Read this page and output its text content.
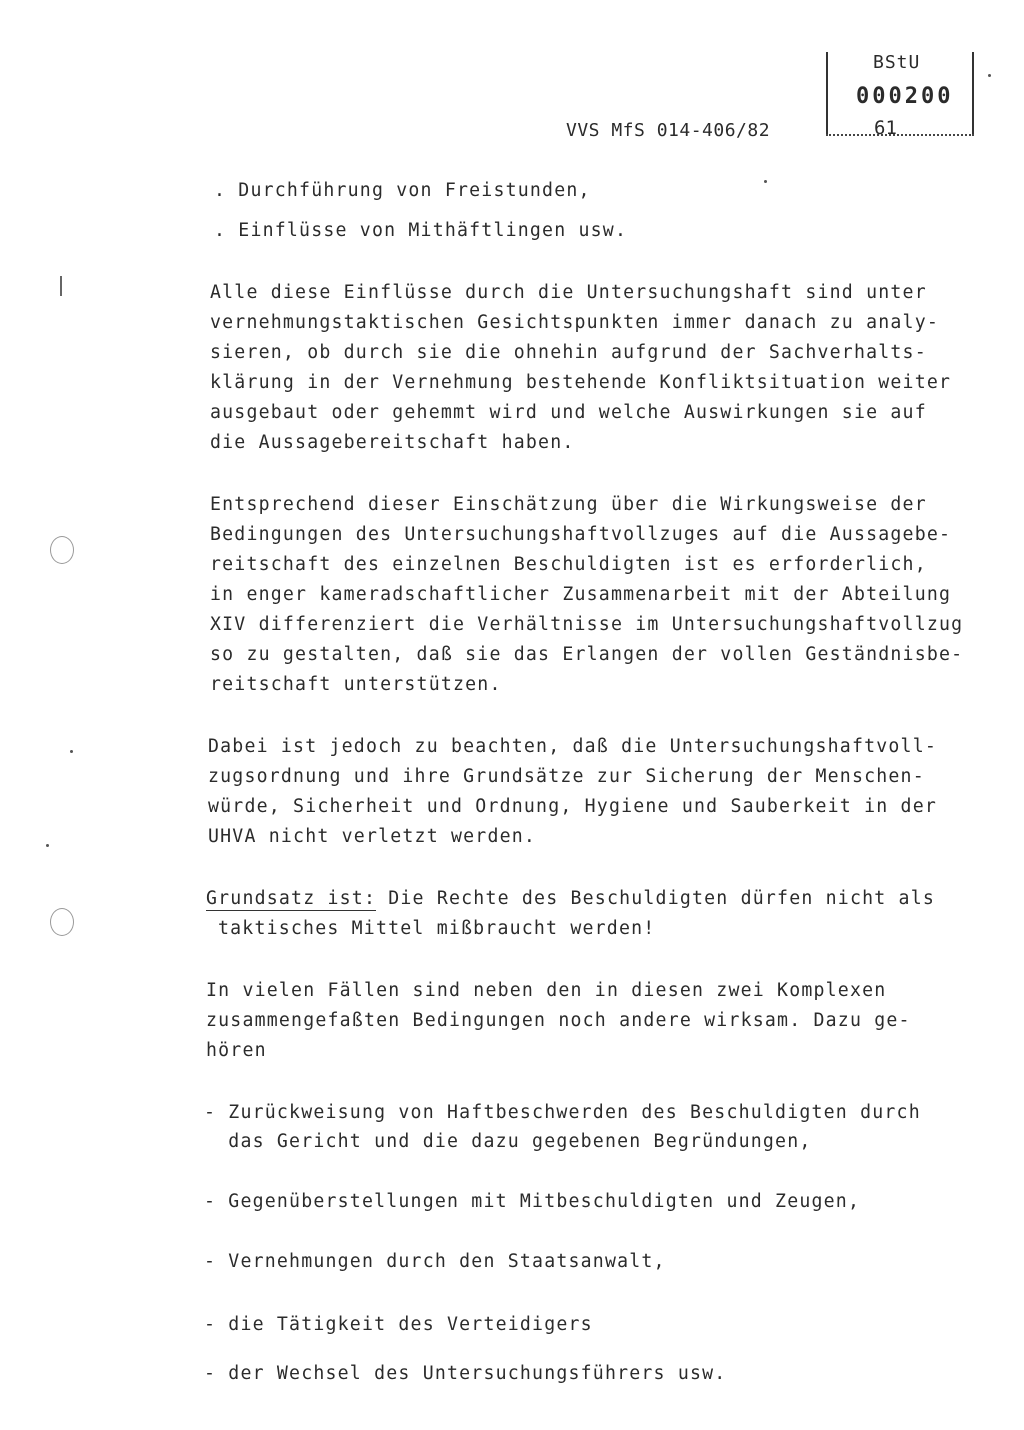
BStU
000200
61
VVS MfS 014-406/82
. Durchführung von Freistunden,
. Einflüsse von Mithäftlingen usw.
Alle diese Einflüsse durch die Untersuchungshaft sind unter
vernehmungstaktischen Gesichtspunkten immer danach zu analy-
sieren, ob durch sie die ohnehin aufgrund der Sachverhalts-
klärung in der Vernehmung bestehende Konfliktsituation weiter
ausgebaut oder gehemmt wird und welche Auswirkungen sie auf
die Aussagebereitschaft haben.
Entsprechend dieser Einschätzung über die Wirkungsweise der
Bedingungen des Untersuchungshaftvollzuges auf die Aussagebe-
reitschaft des einzelnen Beschuldigten ist es erforderlich,
in enger kameradschaftlicher Zusammenarbeit mit der Abteilung
XIV differenziert die Verhältnisse im Untersuchungshaftvollzug
so zu gestalten, daß sie das Erlangen der vollen Geständnisbe-
reitschaft unterstützen.
Dabei ist jedoch zu beachten, daß die Untersuchungshaftvoll-
zugsordnung und ihre Grundsätze zur Sicherung der Menschen-
würde, Sicherheit und Ordnung, Hygiene und Sauberkeit in der
UHVA nicht verletzt werden.
Grundsatz ist: Die Rechte des Beschuldigten dürfen nicht als
taktisches Mittel mißbraucht werden!
In vielen Fällen sind neben den in diesen zwei Komplexen
zusammengefaßten Bedingungen noch andere wirksam. Dazu ge-
hören
- Zurückweisung von Haftbeschwerden des Beschuldigten durch
das Gericht und die dazu gegebenen Begründungen,
- Gegenüberstellungen mit Mitbeschuldigten und Zeugen,
- Vernehmungen durch den Staatsanwalt,
- die Tätigkeit des Verteidigers
- der Wechsel des Untersuchungsführers usw.
